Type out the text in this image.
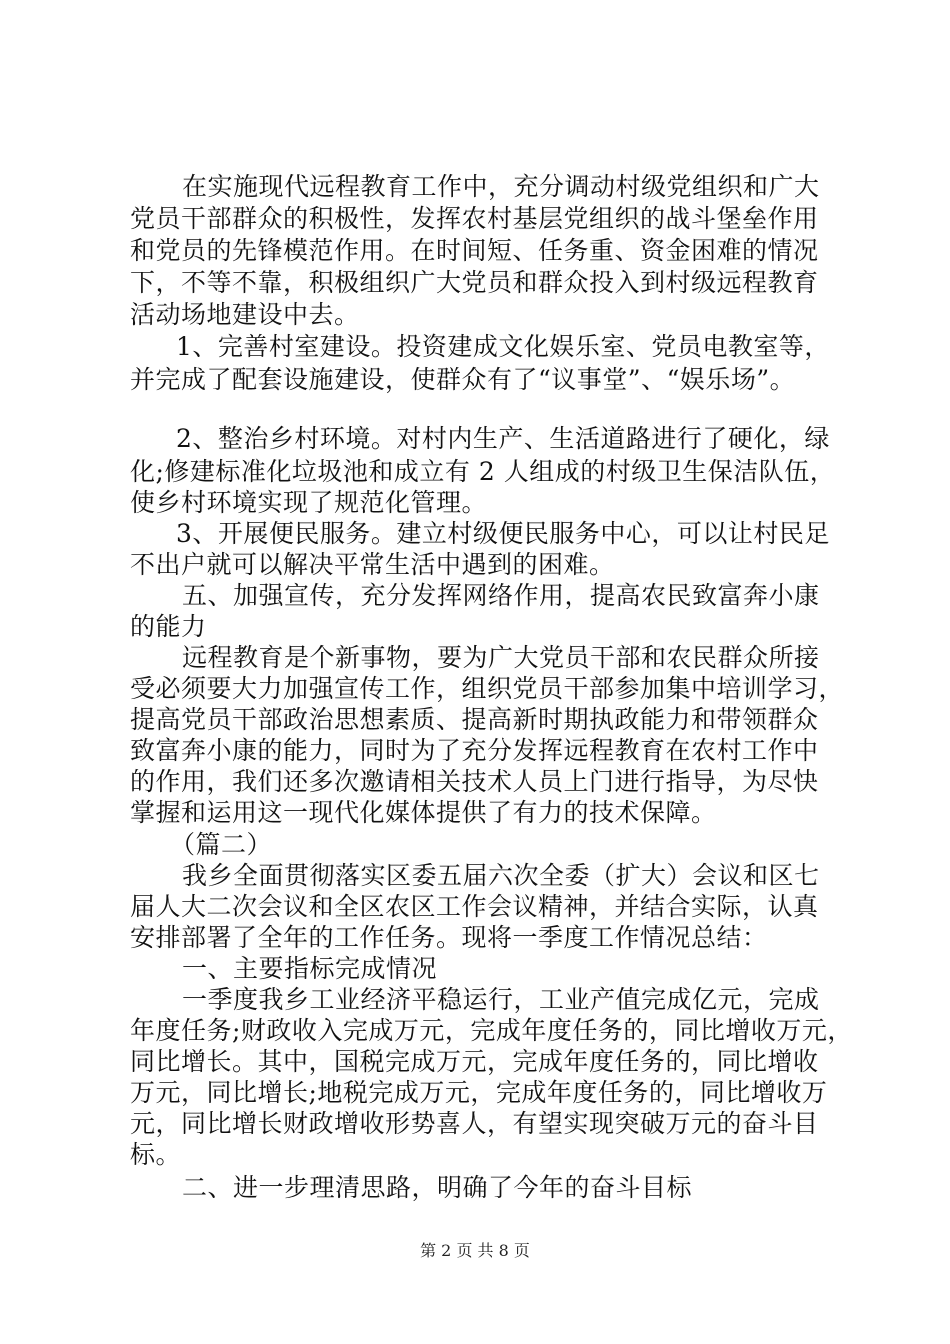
在实施现代远程教育工作中，充分调动村级党组织和广大
党员干部群众的积极性，发挥农村基层党组织的战斗堡垒作用
和党员的先锋模范作用。在时间短、任务重、资金困难的情况
下，不等不靠，积极组织广大党员和群众投入到村级远程教育
活动场地建设中去。
1、完善村室建设。投资建成文化娱乐室、党员电教室等，
并完成了配套设施建设，使群众有了“议事堂”、“娱乐场”。
2、整治乡村环境。对村内生产、生活道路进行了硬化，绿
化;修建标准化垃圾池和成立有 2 人组成的村级卫生保洁队伍，
使乡村环境实现了规范化管理。
3、开展便民服务。建立村级便民服务中心，可以让村民足
不出户就可以解决平常生活中遇到的困难。
五、加强宣传，充分发挥网络作用，提高农民致富奔小康
的能力
远程教育是个新事物，要为广大党员干部和农民群众所接
受必须要大力加强宣传工作，组织党员干部参加集中培训学习，
提高党员干部政治思想素质、提高新时期执政能力和带领群众
致富奔小康的能力，同时为了充分发挥远程教育在农村工作中
的作用，我们还多次邀请相关技术人员上门进行指导，为尽快
掌握和运用这一现代化媒体提供了有力的技术保障。
（篇二）
我乡全面贯彻落实区委五届六次全委（扩大）会议和区七
届人大二次会议和全区农区工作会议精神，并结合实际，认真
安排部署了全年的工作任务。现将一季度工作情况总结：
一、主要指标完成情况
一季度我乡工业经济平稳运行，工业产值完成亿元，完成
年度任务;财政收入完成万元，完成年度任务的，同比增收万元，
同比增长。其中，国税完成万元，完成年度任务的，同比增收
万元，同比增长;地税完成万元，完成年度任务的，同比增收万
元，同比增长财政增收形势喜人，有望实现突破万元的奋斗目
标。
二、进一步理清思路，明确了今年的奋斗目标
第 2 页 共 8 页
